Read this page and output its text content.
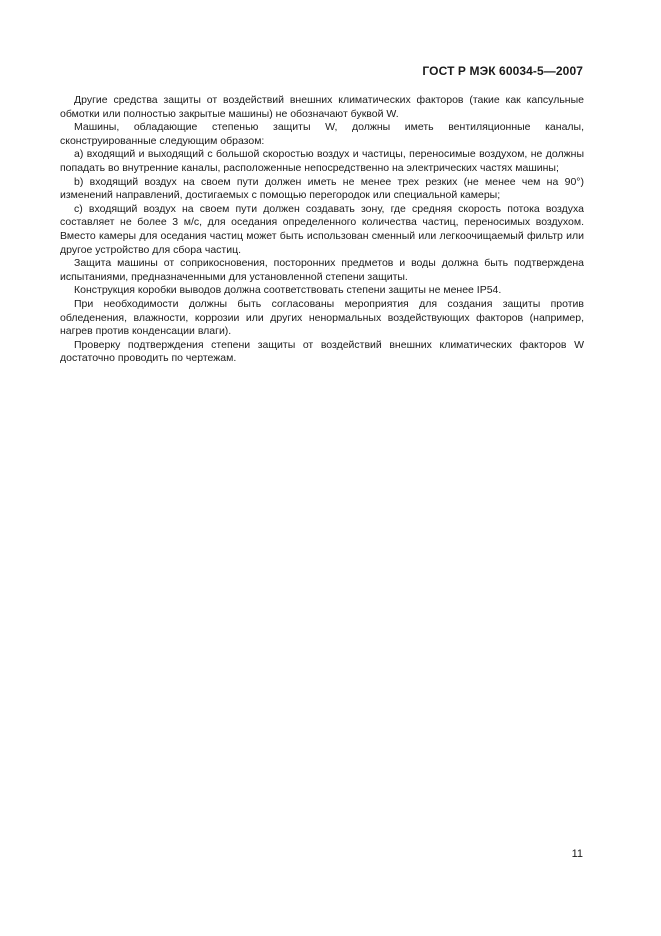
ГОСТ Р МЭК 60034-5—2007

Другие средства защиты от воздействий внешних климатических факторов (такие как капсульные обмотки или полностью закрытые машины) не обозначают буквой W.

Машины, обладающие степенью защиты W, должны иметь вентиляционные каналы, сконструированные следующим образом:

а) входящий и выходящий с большой скоростью воздух и частицы, переносимые воздухом, не должны попадать во внутренние каналы, расположенные непосредственно на электрических частях машины;

b) входящий воздух на своем пути должен иметь не менее трех резких (не менее чем на 90°) изменений направлений, достигаемых с помощью перегородок или специальной камеры;

с) входящий воздух на своем пути должен создавать зону, где средняя скорость потока воздуха составляет не более 3 м/с, для оседания определенного количества частиц, переносимых воздухом. Вместо камеры для оседания частиц может быть использован сменный или легкоочищаемый фильтр или другое устройство для сбора частиц.

Защита машины от соприкосновения, посторонних предметов и воды должна быть подтверждена испытаниями, предназначенными для установленной степени защиты.

Конструкция коробки выводов должна соответствовать степени защиты не менее IP54.

При необходимости должны быть согласованы мероприятия для создания защиты против обледенения, влажности, коррозии или других ненормальных воздействующих факторов (например, нагрев против конденсации влаги).

Проверку подтверждения степени защиты от воздействий внешних климатических факторов W достаточно проводить по чертежам.

11
